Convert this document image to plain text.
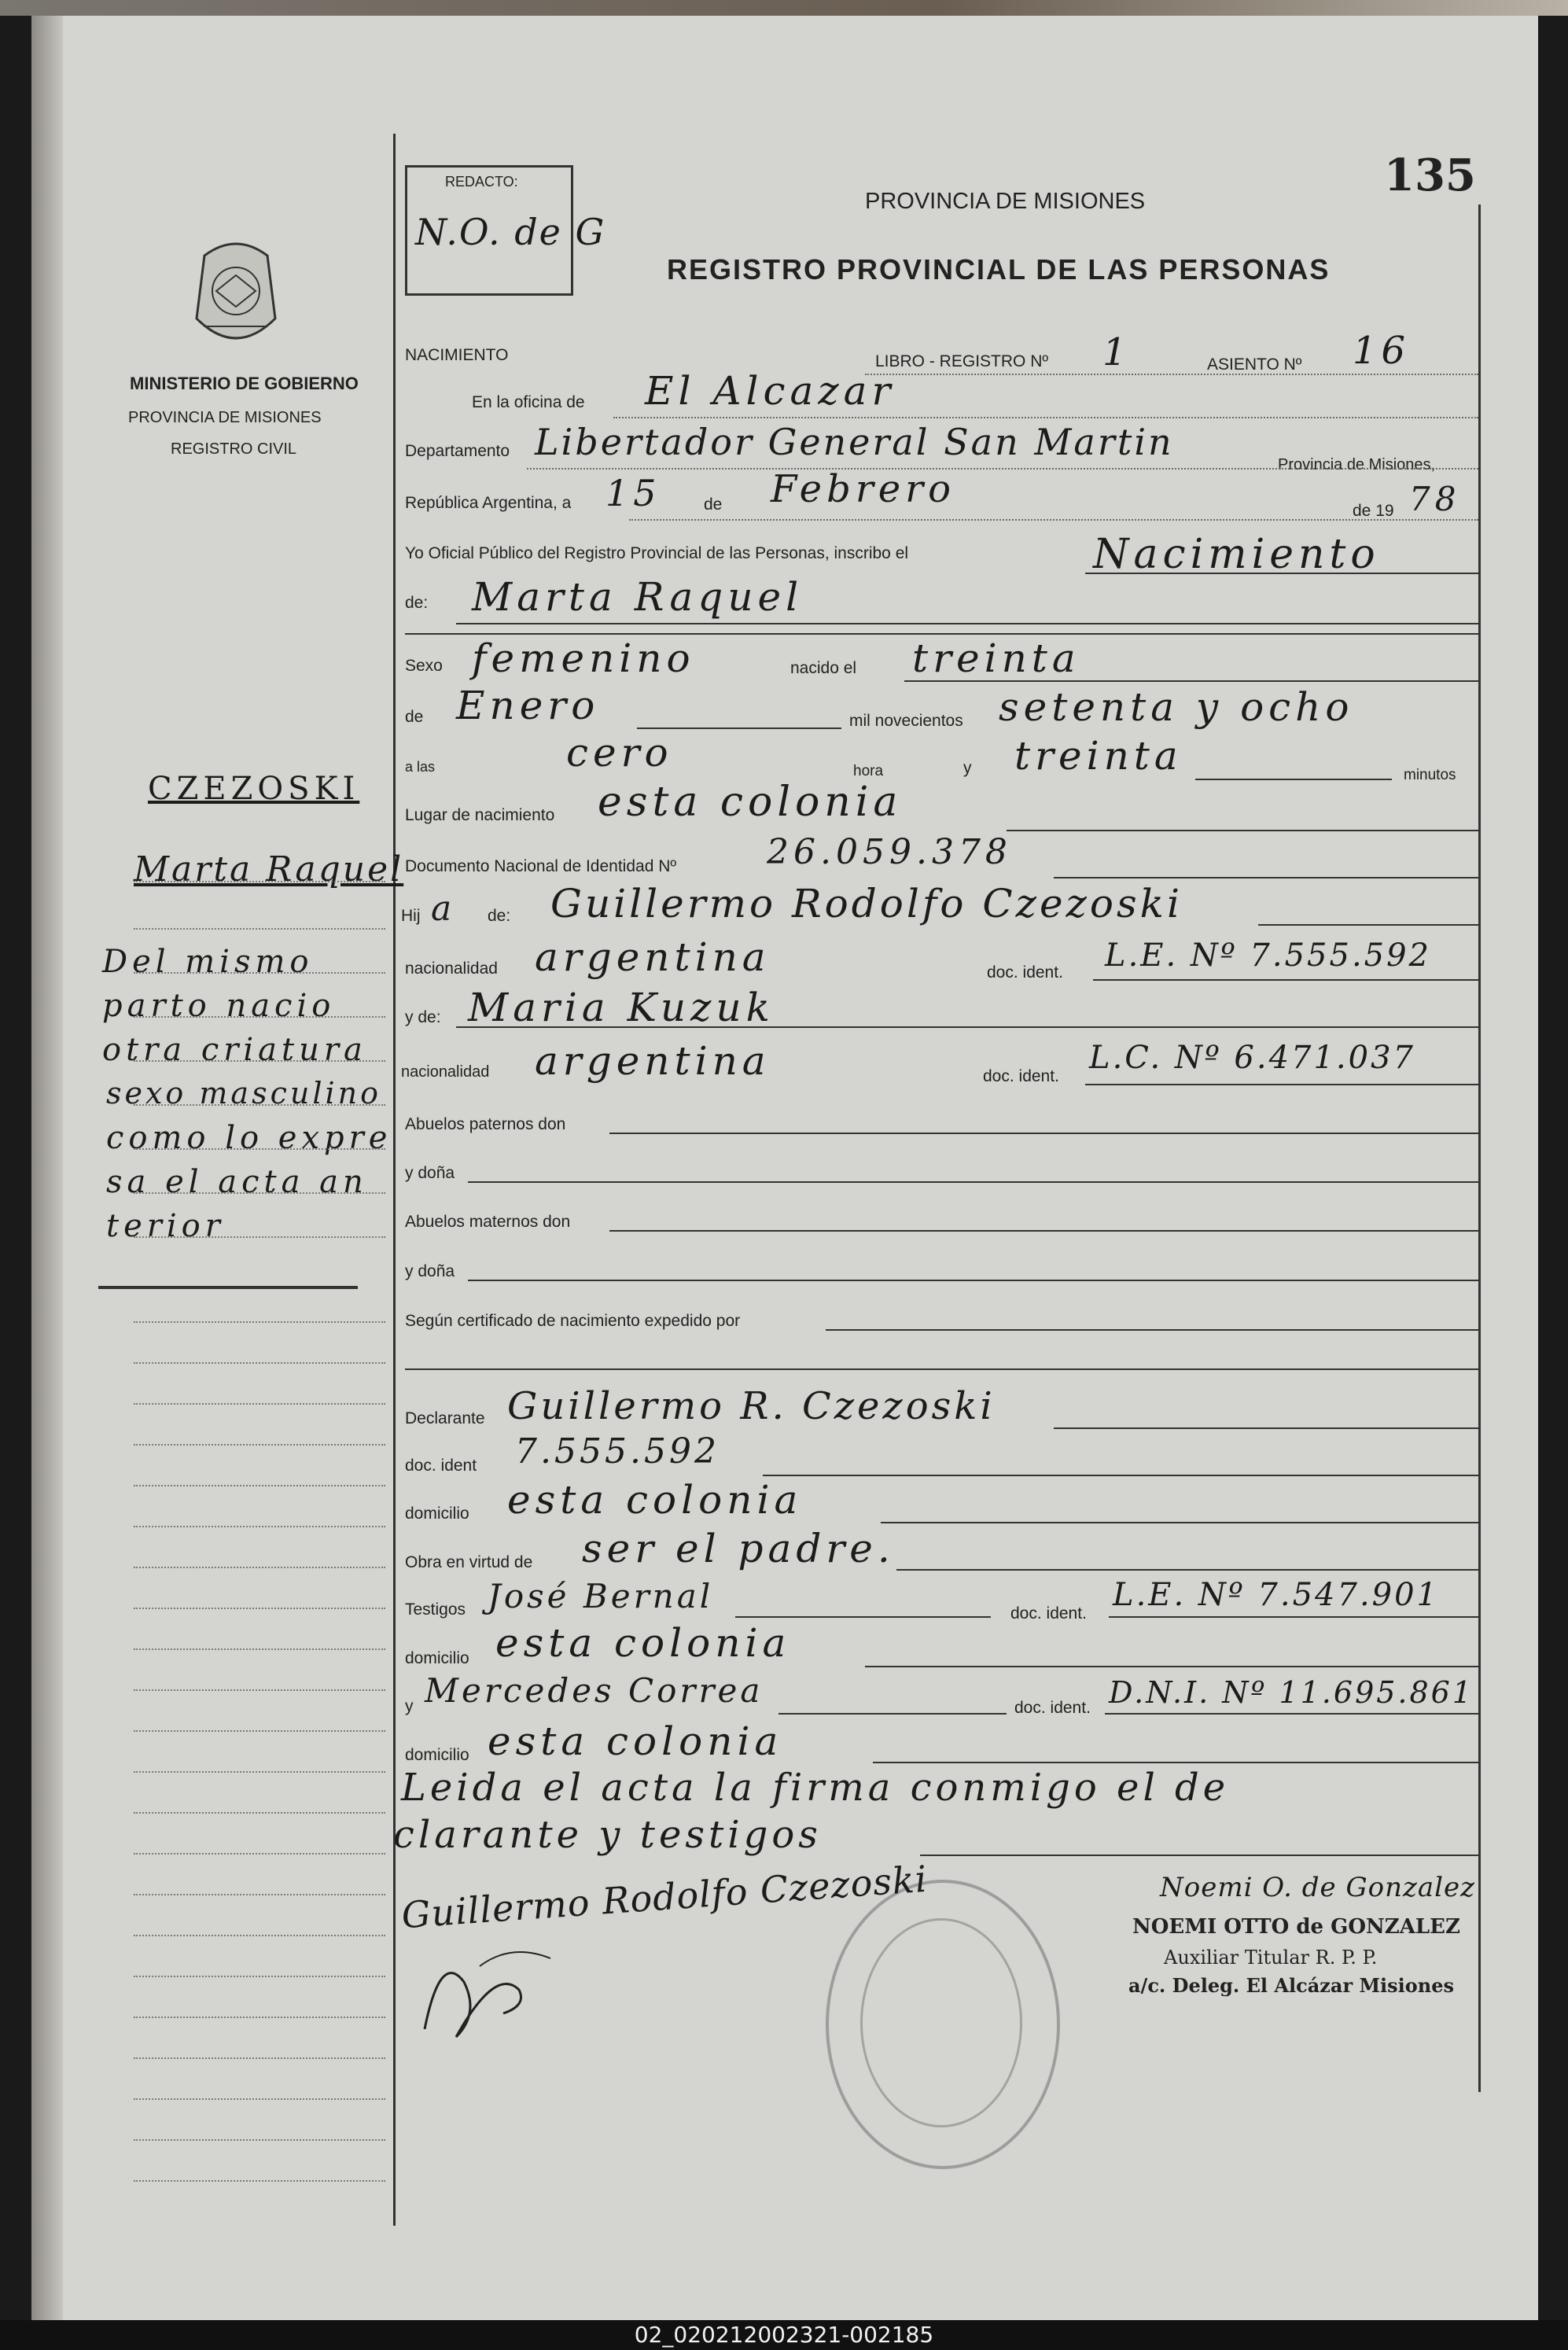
135
REDACTO:
N.O. de G
PROVINCIA DE MISIONES
REGISTRO PROVINCIAL DE LAS PERSONAS
MINISTERIO DE GOBIERNO
PROVINCIA DE MISIONES
REGISTRO CIVIL
CZEZOSKI
Marta Raquel
Del mismo
parto nacio
otra criatura
sexo masculino
como lo expre
sa el acta an
terior
NACIMIENTO	LIBRO - REGISTRO Nº 1	ASIENTO Nº 16
En la oficina de El Alcazar
Departamento Libertador General San Martin
Provincia de Misiones,
República Argentina, a 15	de Febrero	de 19 78
Yo Oficial Público del Registro Provincial de las Personas, inscribo el	Nacimiento
de: Marta Raquel
Sexo femenino	nacido el treinta
de Enero	mil novecientos setenta y ocho
a las	cero	hora	y treinta	minutos
Lugar de nacimiento esta colonia
Documento Nacional de Identidad Nº	26.059.378
Hij a de: Guillermo Rodolfo Czezoski
nacionalidad argentina	doc. ident. L.E. Nº 7.555.592
y de: Maria Kuzuk
nacionalidad argentina	doc. ident.
L.C. Nº 6.471.037
Abuelos paternos don
y doña
Abuelos maternos don
y doña
Según certificado de nacimiento expedido por
Declarante Guillermo R. Czezoski
doc. ident 7.555.592
domicilio esta colonia
Obra en virtud de ser el padre.
Testigos José Bernal	doc. ident.
L.E. Nº 7.547.901
domicilio esta colonia
y Mercedes Correa	doc. ident. D.N.I. Nº 11.695.861
domicilio esta colonia
Leida el acta la firma conmigo el de
clarante y testigos
Guillermo Rodolfo Czezoski	Noemi O. de Gonzalez
NOEMI OTTO de GONZALEZ
Auxiliar Titular R. P. P.
a/c. Deleg. El Alcázar Misiones
02_020212002321-002185
